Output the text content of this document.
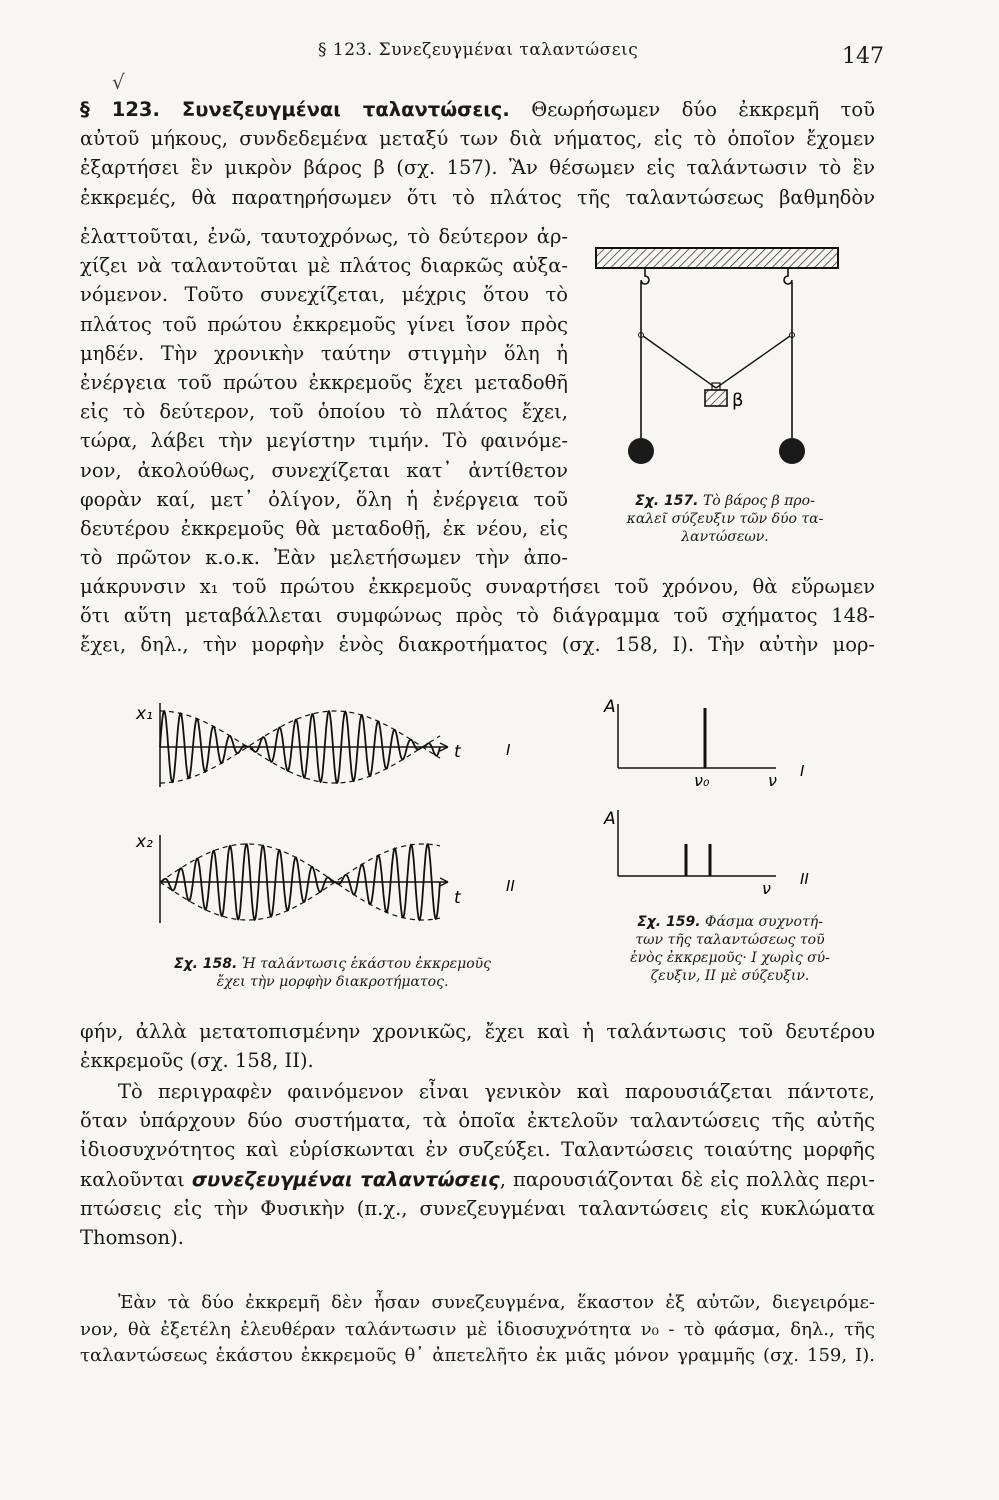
§ 123. Συνεζευγμέναι ταλαντώσεις	147
√
§ 123. Συνεζευγμέναι ταλαντώσεις. Θεωρήσωμεν δύο ἐκκρεμῆ τοῦ
αὐτοῦ μήκους, συνδεδεμένα μεταξύ των διὰ νήματος, εἰς τὸ ὁποῖον ἔχομεν
ἐξαρτήσει ἓν μικρὸν βάρος β (σχ. 157). Ἂν θέσωμεν εἰς ταλάντωσιν τὸ ἓν
ἐκκρεμές, θὰ παρατηρήσωμεν ὅτι τὸ πλάτος τῆς ταλαντώσεως βαθμηδὸν
ἐλαττοῦται, ἐνῶ, ταυτοχρόνως, τὸ δεύτερον ἀρ-
χίζει νὰ ταλαντοῦται μὲ πλάτος διαρκῶς αὐξα-
νόμενον. Τοῦτο συνεχίζεται, μέχρις ὅτου τὸ
πλάτος τοῦ πρώτου ἐκκρεμοῦς γίνει ἴσον πρὸς
μηδέν. Τὴν χρονικὴν ταύτην στιγμὴν ὅλη ἡ
ἐνέργεια τοῦ πρώτου ἐκκρεμοῦς ἔχει μεταδοθῆ
εἰς τὸ δεύτερον, τοῦ ὁποίου τὸ πλάτος ἔχει,
τώρα, λάβει τὴν μεγίστην τιμήν. Τὸ φαινόμε-
νον, ἀκολούθως, συνεχίζεται κατ᾽ ἀντίθετον
φορὰν καί, μετ᾽ ὀλίγον, ὅλη ἡ ἐνέργεια τοῦ
δευτέρου ἐκκρεμοῦς θὰ μεταδοθῇ, ἐκ νέου, εἰς
τὸ πρῶτον κ.ο.κ. Ἐὰν μελετήσωμεν τὴν ἀπο-
μάκρυνσιν x₁ τοῦ πρώτου ἐκκρεμοῦς συναρτήσει τοῦ χρόνου, θὰ εὕρωμεν
ὅτι αὕτη μεταβάλλεται συμφώνως πρὸς τὸ διάγραμμα τοῦ σχήματος 148-
ἔχει, δηλ., τὴν μορφὴν ἑνὸς διακροτήματος (σχ. 158, I). Τὴν αὐτὴν μορ-
β
Σχ. 157. Τὸ βάρος β προ-
καλεῖ σύζευξιν τῶν δύο τα-
λαντώσεων.
x₁
t	I
x₂
t
II
Σχ. 158. Ἡ ταλάντωσις ἑκάστου ἐκκρεμοῦς
ἔχει τὴν μορφὴν διακροτήματος.
A
ν₀	ν I
A
ν II
Σχ. 159. Φάσμα συχνοτή-
των τῆς ταλαντώσεως τοῦ
ἑνὸς ἐκκρεμοῦς· I χωρὶς σύ-
ζευξιν, II μὲ σύζευξιν.
φήν, ἀλλὰ μετατοπισμένην χρονικῶς, ἔχει καὶ ἡ ταλάντωσις τοῦ δευτέρου
ἐκκρεμοῦς (σχ. 158, II).
Τὸ περιγραφὲν φαινόμενον εἶναι γενικὸν καὶ παρουσιάζεται πάντοτε,
ὅταν ὑπάρχουν δύο συστήματα, τὰ ὁποῖα ἐκτελοῦν ταλαντώσεις τῆς αὐτῆς
ἰδιοσυχνότητος καὶ εὑρίσκωνται ἐν συζεύξει. Ταλαντώσεις τοιαύτης μορφῆς
καλοῦνται συνεζευγμέναι ταλαντώσεις, παρουσιάζονται δὲ εἰς πολλὰς περι-
πτώσεις εἰς τὴν Φυσικὴν (π.χ., συνεζευγμέναι ταλαντώσεις εἰς κυκλώματα
Thomson).
Ἐὰν τὰ δύο ἐκκρεμῆ δὲν ἦσαν συνεζευγμένα, ἕκαστον ἐξ αὐτῶν, διεγειρόμε-
νον, θὰ ἐξετέλη ἐλευθέραν ταλάντωσιν μὲ ἰδιοσυχνότητα ν₀ - τὸ φάσμα, δηλ., τῆς
ταλαντώσεως ἑκάστου ἐκκρεμοῦς θ᾽ ἀπετελῆτο ἐκ μιᾶς μόνον γραμμῆς (σχ. 159, I).
